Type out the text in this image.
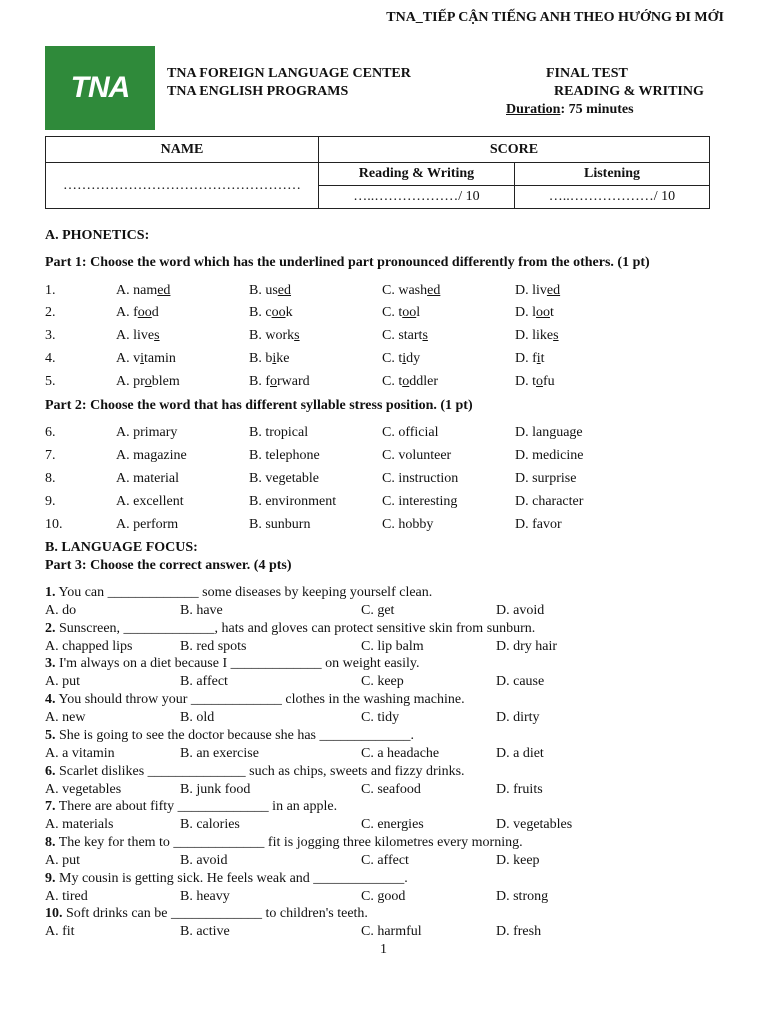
TNA_TIẾP CẬN TIẾNG ANH THEO HƯỚNG ĐI MỚI
TNA	TNA FOREIGN LANGUAGE CENTER
TNA ENGLISH PROGRAMS
FINAL TEST
READING & WRITING
Duration: 75 minutes
NAME	SCORE	
……………………………………………	Reading & Writing	Listening
	…..………………/ 10	…..………………/ 10
A. PHONETICS:
Part 1: Choose the word which has the underlined part pronounced differently from the others. (1 pt)
1.	A. named	B. used	C. washed	D. lived
2.	A. food	B. cook	C. tool	D. loot
3.	A. lives	B. works	C. starts	D. likes
4.	A. vitamin	B. bike	C. tidy	D. fit
5.	A. problem	B. forward	C. toddler	D. tofu
Part 2: Choose the word that has different syllable stress position. (1 pt)
6.	A. primary	B. tropical	C. official	D. language
7.	A. magazine	B. telephone	C. volunteer	D. medicine
8.	A. material	B. vegetable	C. instruction	D. surprise
9.	A. excellent	B. environment	C. interesting	D. character
10.	A. perform	B. sunburn	C. hobby	D. favor
B. LANGUAGE FOCUS:
Part 3: Choose the correct answer. (4 pts)
1. You can _____________ some diseases by keeping yourself clean.
A. do	B. have	C. get	D. avoid
2. Sunscreen, _____________, hats and gloves can protect sensitive skin from sunburn.
A. chapped lips	B. red spots	C. lip balm	D. dry hair
3. I'm always on a diet because I _____________ on weight easily.
A. put	B. affect	C. keep	D. cause
4. You should throw your _____________ clothes in the washing machine.
A. new	B. old	C. tidy	D. dirty
5. She is going to see the doctor because she has _____________.
A. a vitamin	B. an exercise	C. a headache	D. a diet
6. Scarlet dislikes ______________ such as chips, sweets and fizzy drinks.
A. vegetables	B. junk food	C. seafood	D. fruits
7. There are about fifty _____________ in an apple.
A. materials	B. calories	C. energies	D. vegetables
8. The key for them to _____________ fit is jogging three kilometres every morning.
A. put	B. avoid	C. affect	D. keep
9. My cousin is getting sick. He feels weak and _____________.
A. tired	B. heavy	C. good	D. strong
10. Soft drinks can be _____________ to children's teeth.
A. fit	B. active	C. harmful	D. fresh
1
